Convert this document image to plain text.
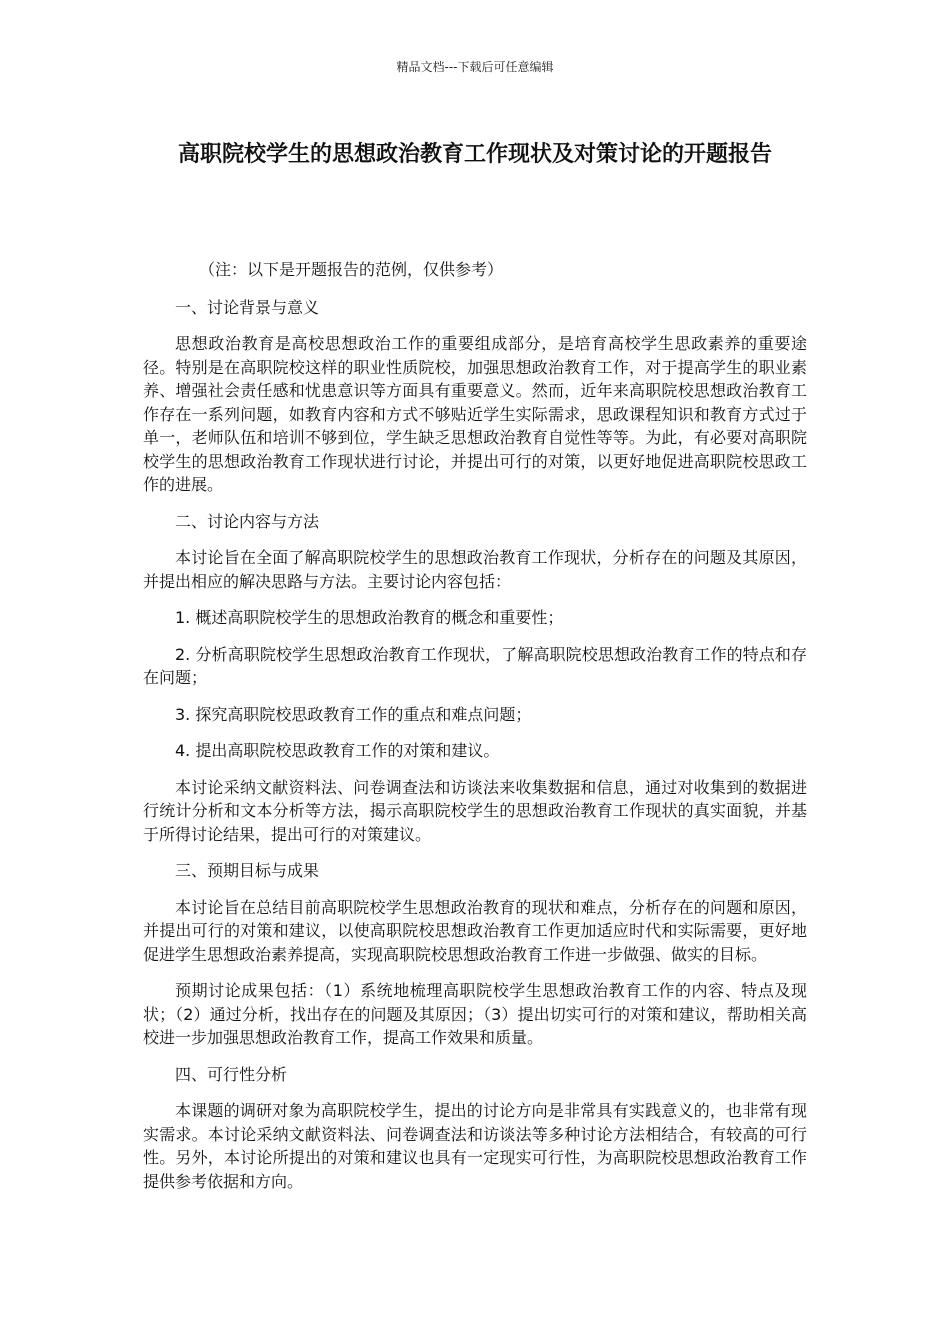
精品文档---下载后可任意编辑
高职院校学生的思想政治教育工作现状及对策讨论的开题报告

（注：以下是开题报告的范例，仅供参考）

一、讨论背景与意义

思想政治教育是高校思想政治工作的重要组成部分，是培育高校学生思政素养的重要途径。特别是在高职院校这样的职业性质院校，加强思想政治教育工作，对于提高学生的职业素养、增强社会责任感和忧患意识等方面具有重要意义。然而，近年来高职院校思想政治教育工作存在一系列问题，如教育内容和方式不够贴近学生实际需求，思政课程知识和教育方式过于单一，老师队伍和培训不够到位，学生缺乏思想政治教育自觉性等等。为此，有必要对高职院校学生的思想政治教育工作现状进行讨论，并提出可行的对策，以更好地促进高职院校思政工作的进展。

二、讨论内容与方法

本讨论旨在全面了解高职院校学生的思想政治教育工作现状，分析存在的问题及其原因，并提出相应的解决思路与方法。主要讨论内容包括：

1. 概述高职院校学生的思想政治教育的概念和重要性；

2. 分析高职院校学生思想政治教育工作现状，了解高职院校思想政治教育工作的特点和存在问题；

3. 探究高职院校思政教育工作的重点和难点问题；

4. 提出高职院校思政教育工作的对策和建议。

本讨论采纳文献资料法、问卷调查法和访谈法来收集数据和信息，通过对收集到的数据进行统计分析和文本分析等方法，揭示高职院校学生的思想政治教育工作现状的真实面貌，并基于所得讨论结果，提出可行的对策建议。

三、预期目标与成果

本讨论旨在总结目前高职院校学生思想政治教育的现状和难点，分析存在的问题和原因，并提出可行的对策和建议，以使高职院校思想政治教育工作更加适应时代和实际需要，更好地促进学生思想政治素养提高，实现高职院校思想政治教育工作进一步做强、做实的目标。

预期讨论成果包括：（1）系统地梳理高职院校学生思想政治教育工作的内容、特点及现状；（2）通过分析，找出存在的问题及其原因；（3）提出切实可行的对策和建议，帮助相关高校进一步加强思想政治教育工作，提高工作效果和质量。

四、可行性分析

本课题的调研对象为高职院校学生，提出的讨论方向是非常具有实践意义的，也非常有现实需求。本讨论采纳文献资料法、问卷调查法和访谈法等多种讨论方法相结合，有较高的可行性。另外，本讨论所提出的对策和建议也具有一定现实可行性，为高职院校思想政治教育工作提供参考依据和方向。
